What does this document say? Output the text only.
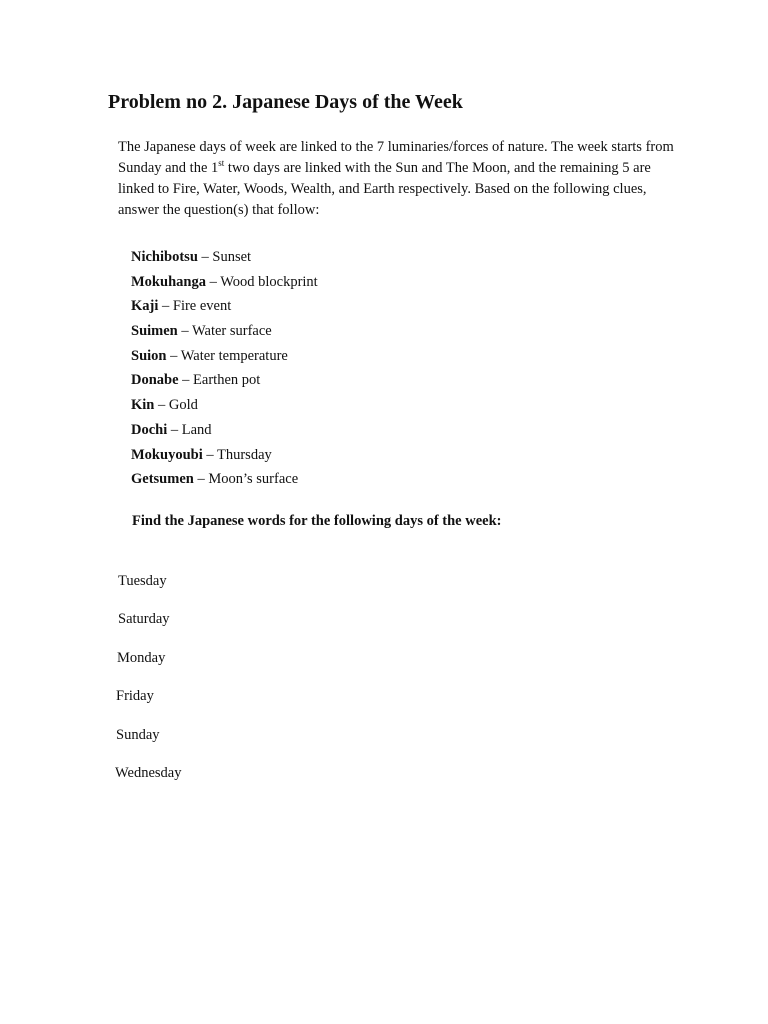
Problem no 2. Japanese Days of the Week

The Japanese days of week are linked to the 7 luminaries/forces of nature. The week starts from Sunday and the 1st two days are linked with the Sun and The Moon, and the remaining 5 are linked to Fire, Water, Woods, Wealth, and Earth respectively. Based on the following clues, answer the question(s) that follow:

Nichibotsu – Sunset
Mokuhanga – Wood blockprint
Kaji – Fire event
Suimen – Water surface
Suion – Water temperature
Donabe – Earthen pot
Kin – Gold
Dochi – Land
Mokuyoubi – Thursday
Getsumen – Moon’s surface

Find the Japanese words for the following days of the week:

Tuesday

Saturday

Monday

Friday

Sunday

Wednesday
